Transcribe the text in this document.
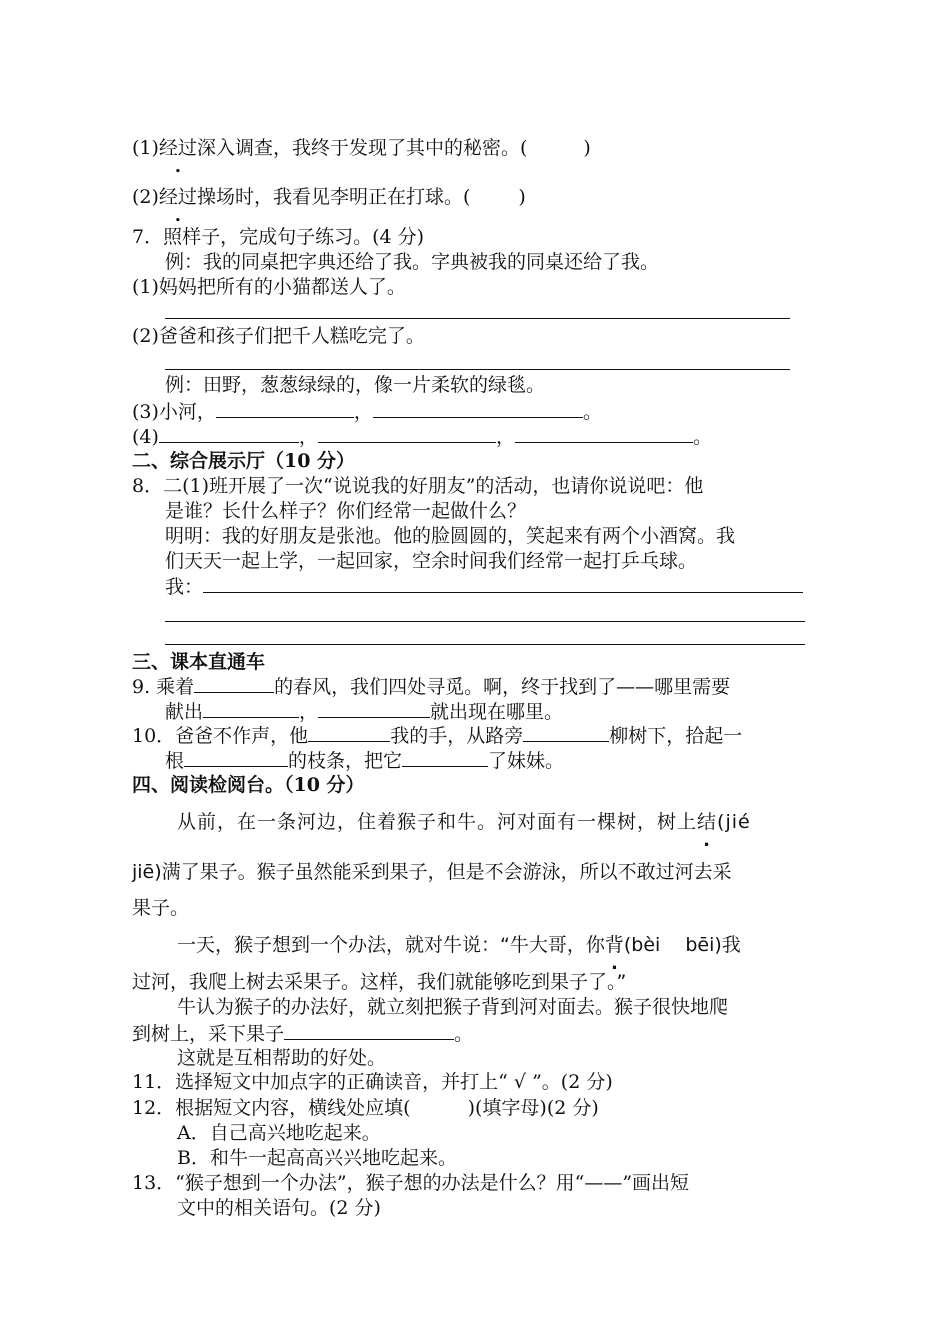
(1)经过深入调查，我终于发现了其中的秘密。(	)
(2)经过操场时，我看见李明正在打球。(	)
7．照样子，完成句子练习。(4 分)
例：我的同桌把字典还给了我。字典被我的同桌还给了我。
(1)妈妈把所有的小猫都送人了。
(2)爸爸和孩子们把千人糕吃完了。
例：田野，葱葱绿绿的，像一片柔软的绿毯。
(3)小河，	，	。
(4)	，	，	。
二、综合展示厅（10 分）
8．二(1)班开展了一次“说说我的好朋友”的活动，也请你说说吧：他
是谁？长什么样子？你们经常一起做什么？
明明：我的好朋友是张池。他的脸圆圆的，笑起来有两个小酒窝。我
们天天一起上学，一起回家，空余时间我们经常一起打乒乓球。
我：
三、课本直通车
9. 乘着	的春风，我们四处寻觅。啊，终于找到了——哪里需要
献出	，	就出现在哪里。
10．爸爸不作声，他	我的手，从路旁	柳树下，拾起一
根	的枝条，把它	了妹妹。
四、阅读检阅台。（10 分）
从前，在一条河边，住着猴子和牛。河对面有一棵树，树上结(jié
jiē)满了果子。猴子虽然能采到果子，但是不会游泳，所以不敢过河去采
果子。
一天，猴子想到一个办法，就对牛说：“牛大哥，你背(bèi　 bēi)我
过河，我爬上树去采果子。这样，我们就能够吃到果子了。”
牛认为猴子的办法好，就立刻把猴子背到河对面去。猴子很快地爬
到树上，采下果子	。
这就是互相帮助的好处。
11．选择短文中加点字的正确读音，并打上“ √ ”。(2 分)
12．根据短文内容，横线处应填(　　　)(填字母)(2 分)
A．自己高兴地吃起来。
B．和牛一起高高兴兴地吃起来。
13．“猴子想到一个办法”，猴子想的办法是什么？用“——”画出短
文中的相关语句。(2 分)
